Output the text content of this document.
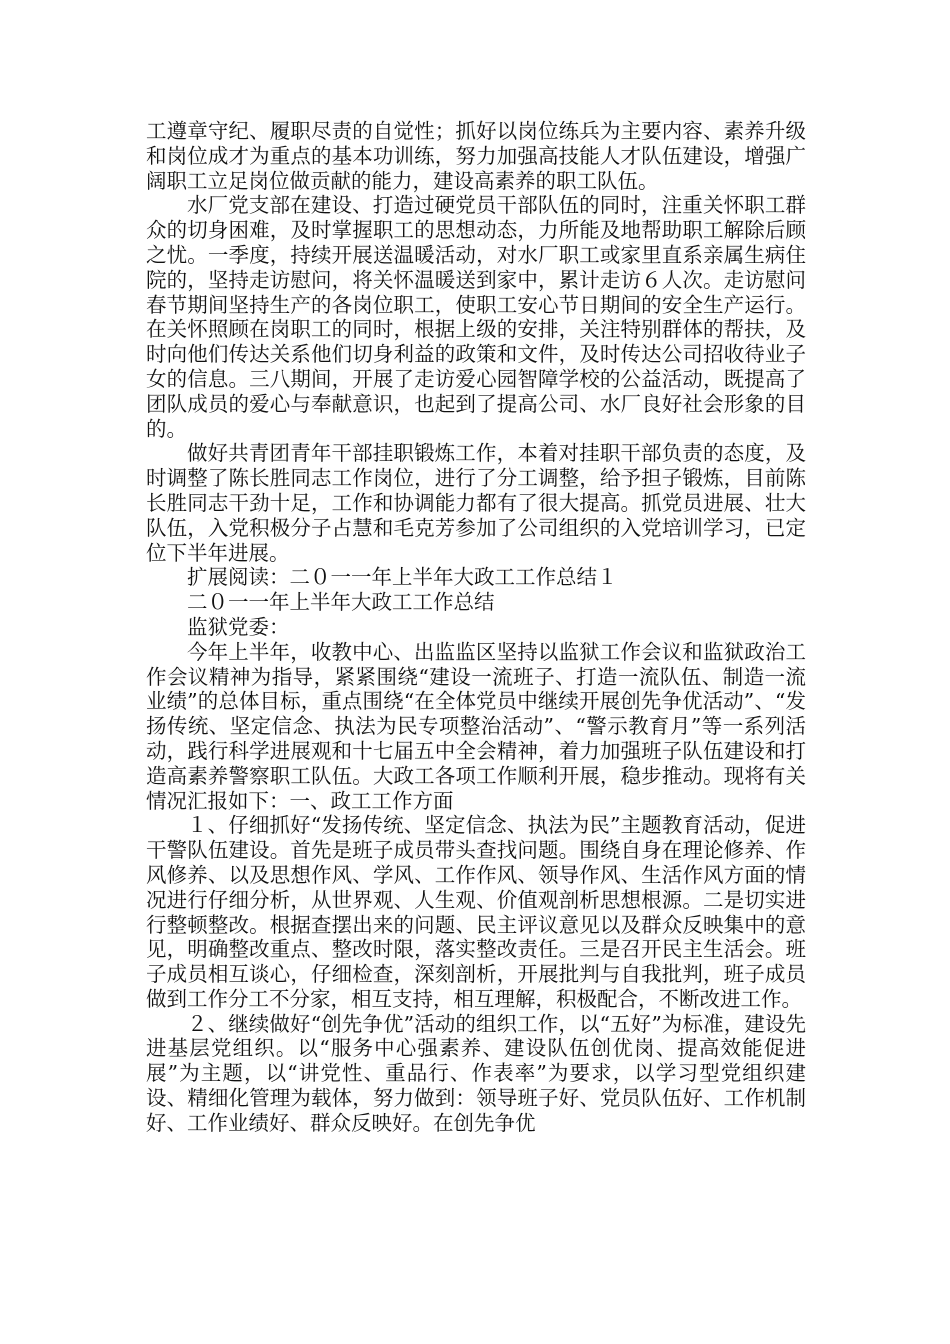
工遵章守纪、履职尽责的自觉性；抓好以岗位练兵为主要内容、素养升级和岗位成才为重点的基本功训练，努力加强高技能人才队伍建设，增强广阔职工立足岗位做贡献的能力，建设高素养的职工队伍。

水厂党支部在建设、打造过硬党员干部队伍的同时，注重关怀职工群众的切身困难，及时掌握职工的思想动态，力所能及地帮助职工解除后顾之忧。一季度，持续开展送温暖活动，对水厂职工或家里直系亲属生病住院的，坚持走访慰问，将关怀温暖送到家中，累计走访６人次。走访慰问春节期间坚持生产的各岗位职工，使职工安心节日期间的安全生产运行。在关怀照顾在岗职工的同时，根据上级的安排，关注特别群体的帮扶，及时向他们传达关系他们切身利益的政策和文件，及时传达公司招收待业子女的信息。三八期间，开展了走访爱心园智障学校的公益活动，既提高了团队成员的爱心与奉献意识，也起到了提高公司、水厂良好社会形象的目的。

做好共青团青年干部挂职锻炼工作，本着对挂职干部负责的态度，及时调整了陈长胜同志工作岗位，进行了分工调整，给予担子锻炼，目前陈长胜同志干劲十足，工作和协调能力都有了很大提高。抓党员进展、壮大队伍，入党积极分子占慧和毛克芳参加了公司组织的入党培训学习，已定位下半年进展。

扩展阅读：二０一一年上半年大政工工作总结１

二０一一年上半年大政工工作总结

监狱党委：

今年上半年，收教中心、出监监区坚持以监狱工作会议和监狱政治工作会议精神为指导，紧紧围绕“建设一流班子、打造一流队伍、制造一流业绩”的总体目标，重点围绕“在全体党员中继续开展创先争优活动”、“发扬传统、坚定信念、执法为民专项整治活动”、“警示教育月”等一系列活动，践行科学进展观和十七届五中全会精神，着力加强班子队伍建设和打造高素养警察职工队伍。大政工各项工作顺利开展，稳步推动。现将有关情况汇报如下：一、政工工作方面

１、仔细抓好“发扬传统、坚定信念、执法为民”主题教育活动，促进干警队伍建设。首先是班子成员带头查找问题。围绕自身在理论修养、作风修养、以及思想作风、学风、工作作风、领导作风、生活作风方面的情况进行仔细分析，从世界观、人生观、价值观剖析思想根源。二是切实进行整顿整改。根据查摆出来的问题、民主评议意见以及群众反映集中的意见，明确整改重点、整改时限，落实整改责任。三是召开民主生活会。班子成员相互谈心，仔细检查，深刻剖析，开展批判与自我批判，班子成员做到工作分工不分家，相互支持，相互理解，积极配合，不断改进工作。

２、继续做好“创先争优”活动的组织工作，以“五好”为标准，建设先进基层党组织。以“服务中心强素养、建设队伍创优岗、提高效能促进展”为主题，以“讲党性、重品行、作表率”为要求，以学习型党组织建设、精细化管理为载体，努力做到：领导班子好、党员队伍好、工作机制好、工作业绩好、群众反映好。在创先争优
